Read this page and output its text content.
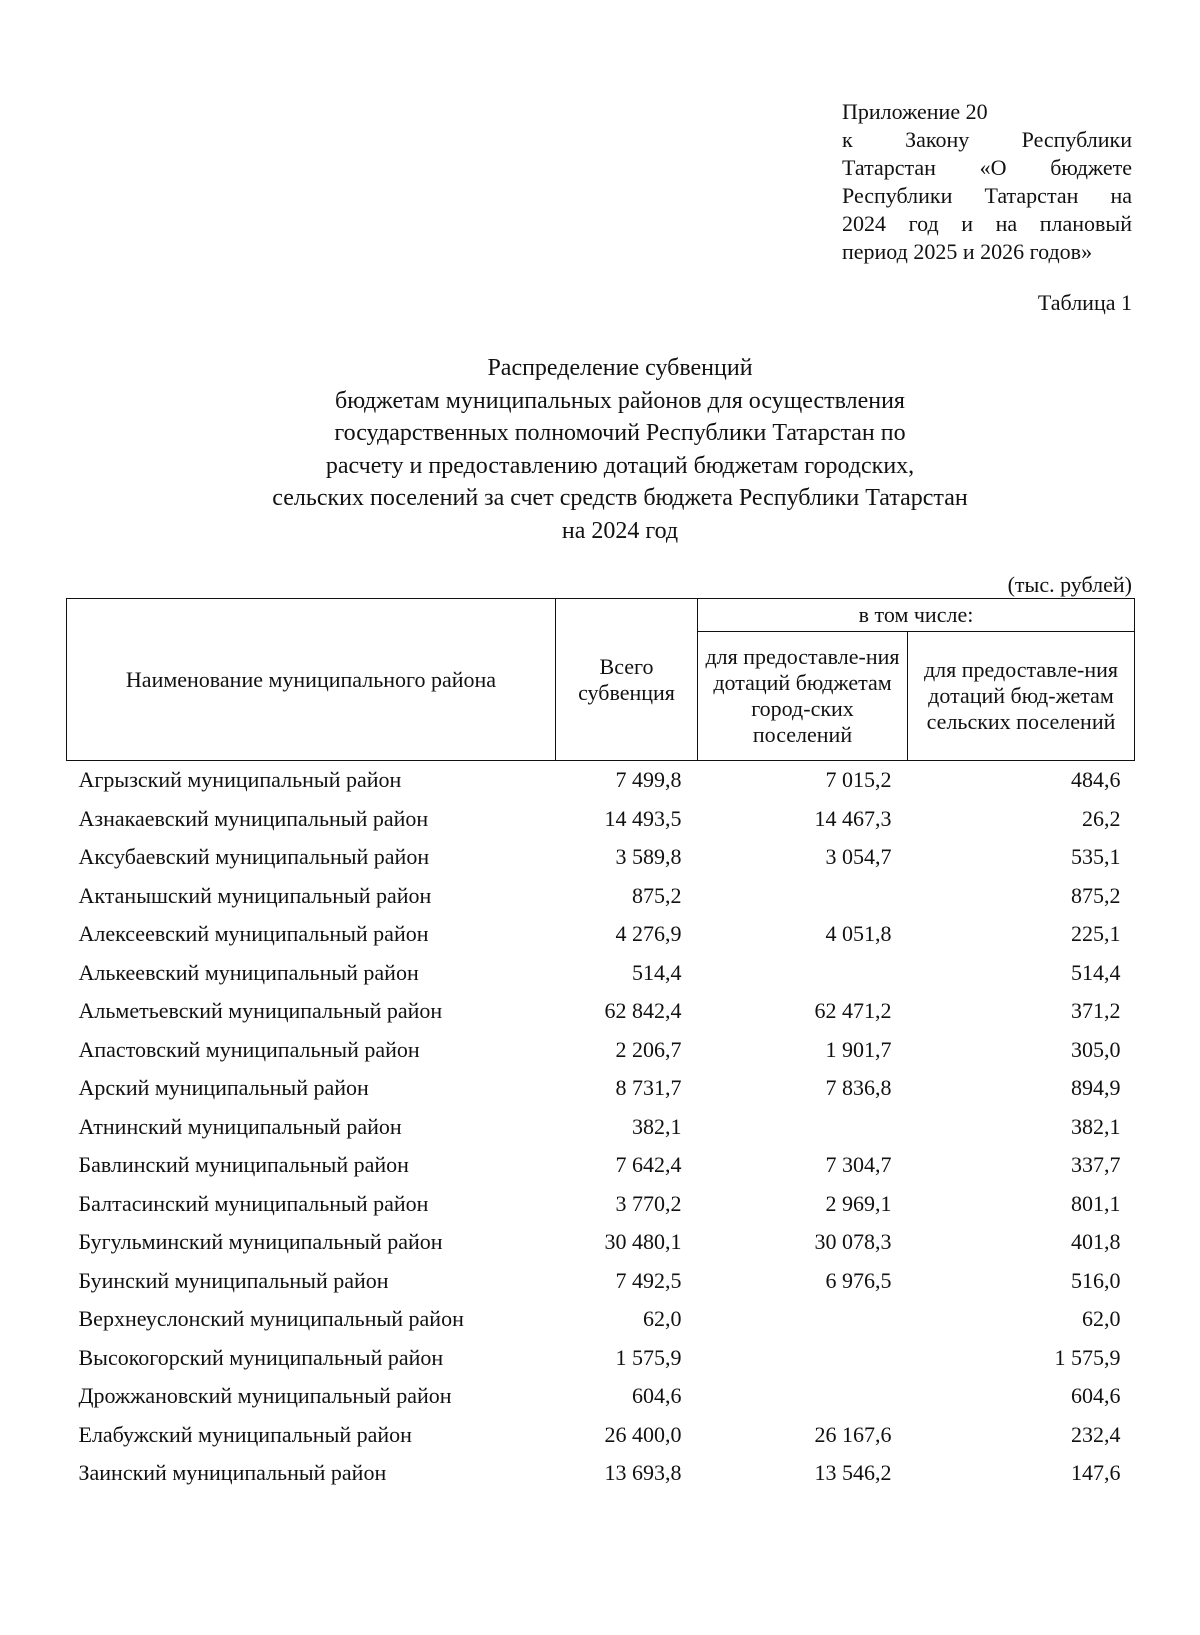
Приложение 20
к Закону Республики
Татарстан «О бюджете
Республики Татарстан на
2024 год и на плановый
период 2025 и 2026 годов»
Таблица 1
Распределение субвенций
бюджетам муниципальных районов для осуществления
государственных полномочий Республики Татарстан по
расчету и предоставлению дотаций бюджетам городских,
сельских поселений за счет средств бюджета Республики Татарстан
на 2024 год
(тыс. рублей)
Наименование муниципального района	Всего субвенция	в том числе:	
		для предоставле-ния дотаций бюджетам город-ских поселений	для предоставле-ния дотаций бюд-жетам сельских поселений
Агрызский муниципальный район	7 499,8	7 015,2	484,6
Азнакаевский муниципальный район	14 493,5	14 467,3	26,2
Аксубаевский муниципальный район	3 589,8	3 054,7	535,1
Актанышский муниципальный район	875,2		875,2
Алексеевский муниципальный район	4 276,9	4 051,8	225,1
Алькеевский муниципальный район	514,4		514,4
Альметьевский муниципальный район	62 842,4	62 471,2	371,2
Апастовский муниципальный район	2 206,7	1 901,7	305,0
Арский муниципальный район	8 731,7	7 836,8	894,9
Атнинский муниципальный район	382,1		382,1
Бавлинский муниципальный район	7 642,4	7 304,7	337,7
Балтасинский муниципальный район	3 770,2	2 969,1	801,1
Бугульминский муниципальный район	30 480,1	30 078,3	401,8
Буинский муниципальный район	7 492,5	6 976,5	516,0
Верхнеуслонский муниципальный район	62,0		62,0
Высокогорский муниципальный район	1 575,9		1 575,9
Дрожжановский муниципальный район	604,6		604,6
Елабужский муниципальный район	26 400,0	26 167,6	232,4
Заинский муниципальный район	13 693,8	13 546,2	147,6
